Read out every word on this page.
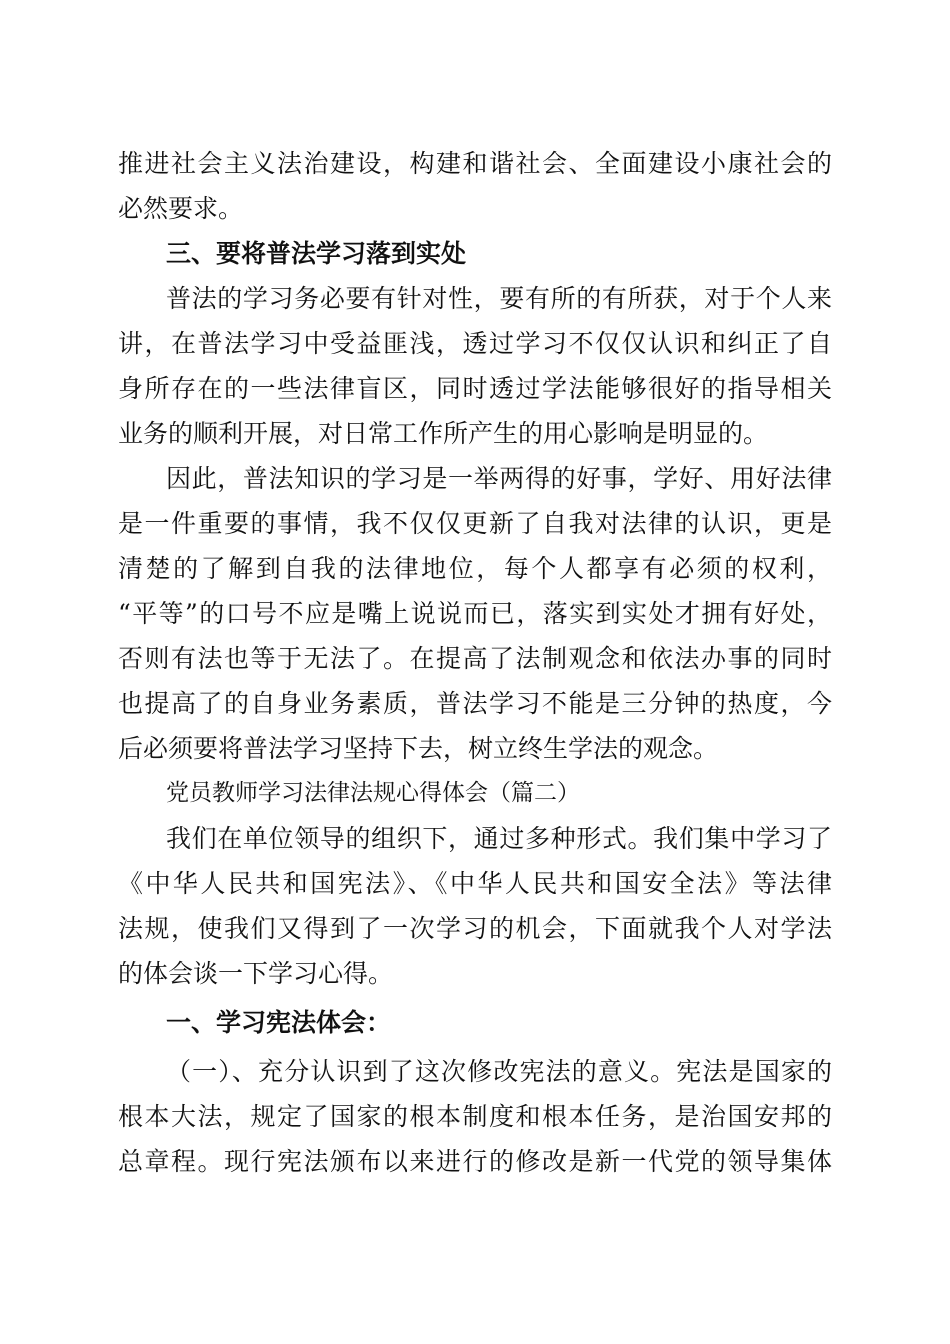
推进社会主义法治建设，构建和谐社会、全面建设小康社会的
必然要求。
三、要将普法学习落到实处
普法的学习务必要有针对性，要有所的有所获，对于个人来
讲，在普法学习中受益匪浅，透过学习不仅仅认识和纠正了自
身所存在的一些法律盲区，同时透过学法能够很好的指导相关
业务的顺利开展，对日常工作所产生的用心影响是明显的。
因此，普法知识的学习是一举两得的好事，学好、用好法律
是一件重要的事情，我不仅仅更新了自我对法律的认识，更是
清楚的了解到自我的法律地位，每个人都享有必须的权利，
“平等”的口号不应是嘴上说说而已，落实到实处才拥有好处，
否则有法也等于无法了。在提高了法制观念和依法办事的同时
也提高了的自身业务素质，普法学习不能是三分钟的热度，今
后必须要将普法学习坚持下去，树立终生学法的观念。
党员教师学习法律法规心得体会（篇二）
我们在单位领导的组织下，通过多种形式。我们集中学习了
《中华人民共和国宪法》、《中华人民共和国安全法》等法律
法规，使我们又得到了一次学习的机会，下面就我个人对学法
的体会谈一下学习心得。
一、学习宪法体会：
（一）、充分认识到了这次修改宪法的意义。宪法是国家的
根本大法，规定了国家的根本制度和根本任务，是治国安邦的
总章程。现行宪法颁布以来进行的修改是新一代党的领导集体
